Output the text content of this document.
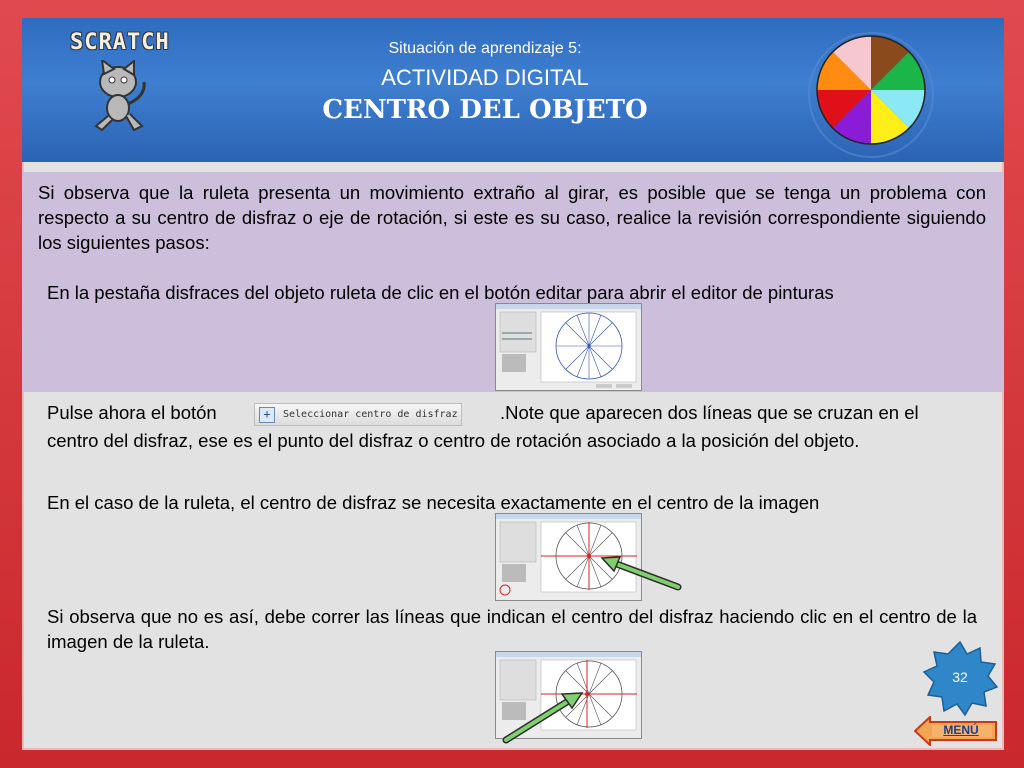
SCRATCH	Situación de aprendizaje 5:
ACTIVIDAD DIGITAL
CENTRO DEL OBJETO
Si observa que la ruleta presenta un movimiento extraño al girar, es posible que se tenga un problema con respecto a su centro de disfraz o eje de rotación, si este es su caso, realice la revisión correspondiente siguiendo los siguientes pasos:
En la pestaña disfraces del objeto ruleta de clic en el botón editar para abrir el editor de pinturas
Pulse ahora el botón	+	Seleccionar centro de disfraz .Note que aparecen dos líneas que se cruzan en el
centro del disfraz, ese es el punto del disfraz o centro de rotación asociado a la posición del objeto.
En el caso de la ruleta, el centro de disfraz se necesita exactamente en el centro de la imagen
Si observa que no es así, debe correr las líneas que indican el centro del disfraz haciendo clic en el centro de la imagen de la ruleta.
32
MENÚ
